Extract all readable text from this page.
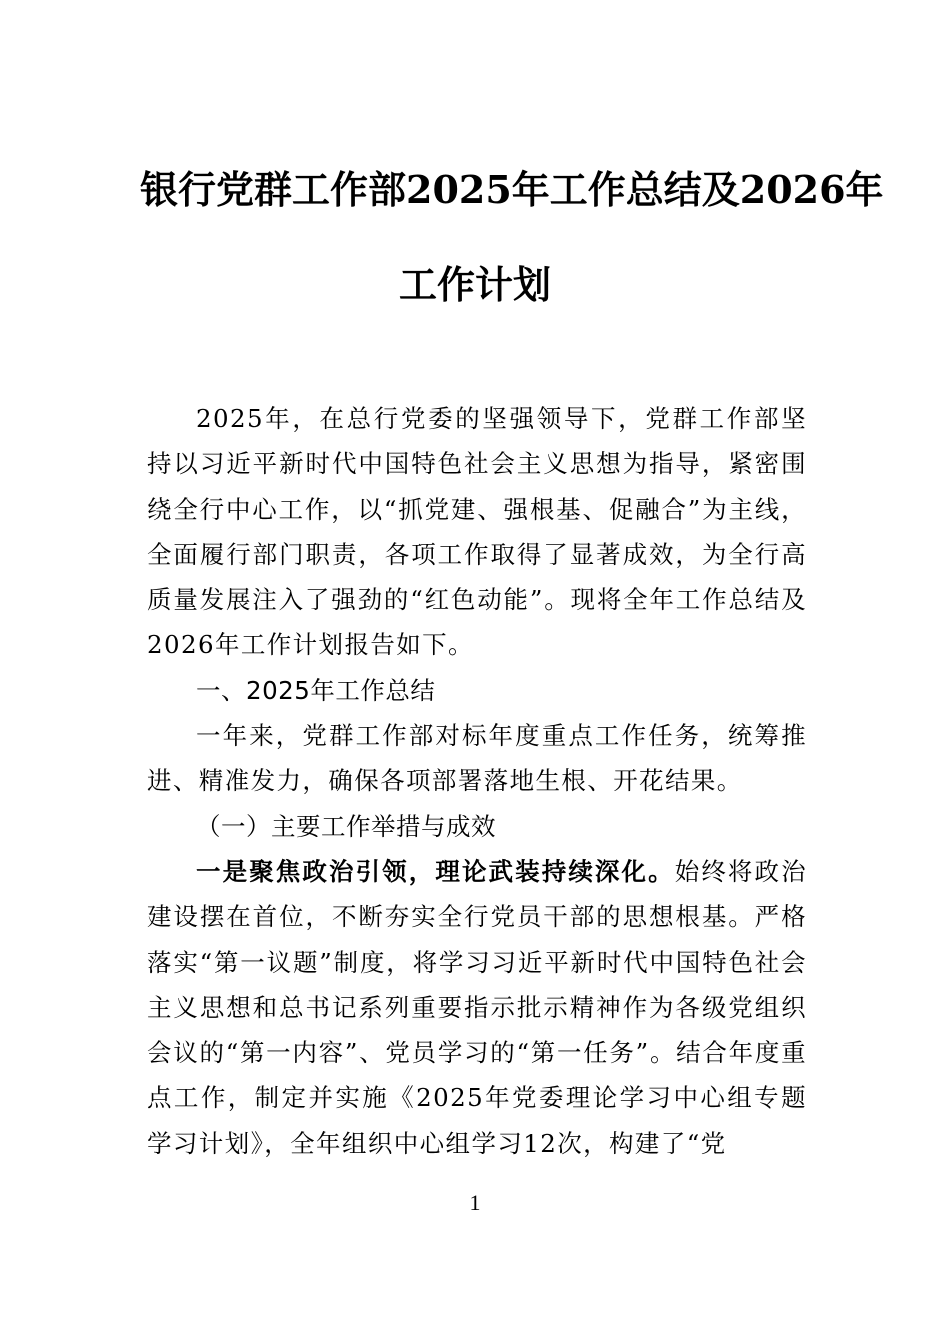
银行党群工作部2025年工作总结及2026年
工作计划

2025年，在总行党委的坚强领导下，党群工作部坚持以习近平新时代中国特色社会主义思想为指导，紧密围绕全行中心工作，以“抓党建、强根基、促融合”为主线，全面履行部门职责，各项工作取得了显著成效，为全行高质量发展注入了强劲的“红色动能”。现将全年工作总结及2026年工作计划报告如下。

一、2025年工作总结

一年来，党群工作部对标年度重点工作任务，统筹推进、精准发力，确保各项部署落地生根、开花结果。

（一）主要工作举措与成效

一是聚焦政治引领，理论武装持续深化。始终将政治建设摆在首位，不断夯实全行党员干部的思想根基。严格落实“第一议题”制度，将学习习近平新时代中国特色社会主义思想和总书记系列重要指示批示精神作为各级党组织会议的“第一内容”、党员学习的“第一任务”。结合年度重点工作，制定并实施《2025年党委理论学习中心组专题学习计划》，全年组织中心组学习12次，构建了“党

1
